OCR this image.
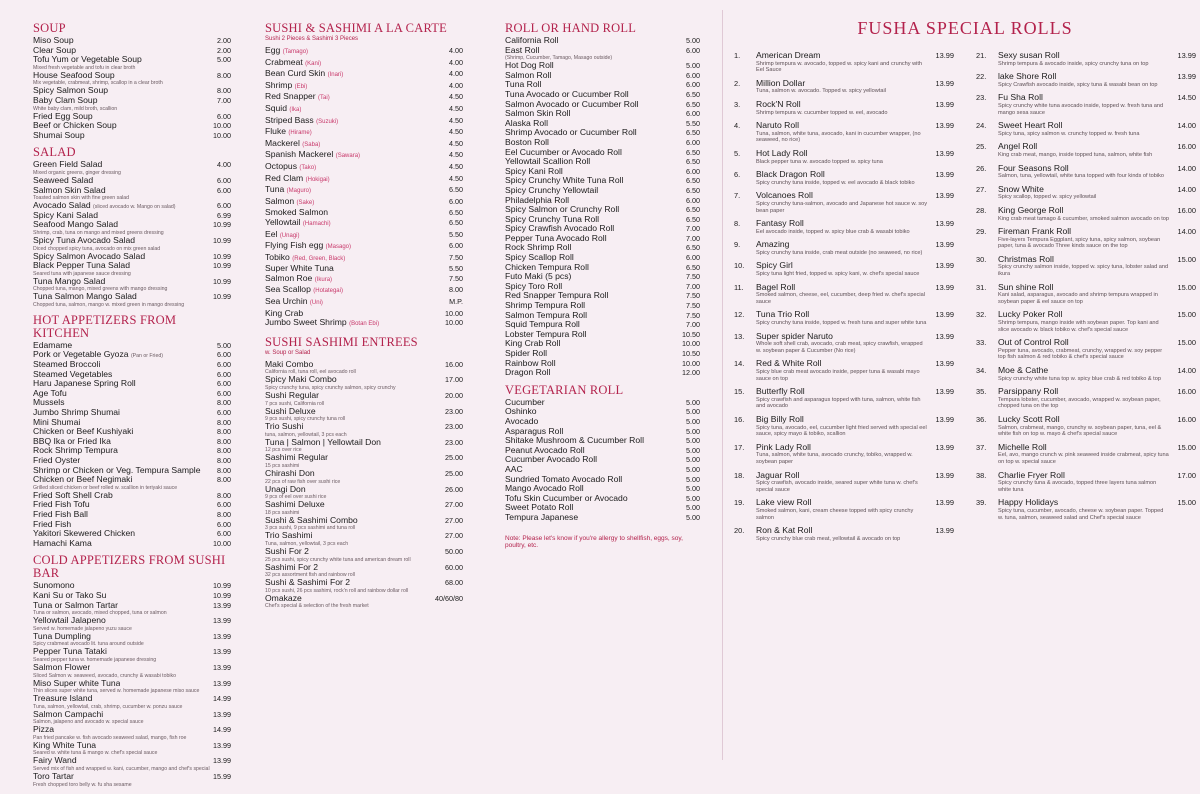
SOUP
Miso Soup	2.00
Clear Soup	2.00
Tofu Yum or Vegetable Soup	5.00
Mixed fresh vegetable and tofu in clear broth
House Seafood Soup	8.00
Mix vegetable, crabmeat, shrimp, scallop in a clear broth
Spicy Salmon Soup	8.00
Baby Clam Soup	7.00
White baby clam, mild broth, scallion
Fried Egg Soup	6.00
Beef or Chicken Soup	10.00
Shumai Soup	10.00
SALAD
Green Field Salad	4.00
Mixed organic greens, ginger dressing
Seaweed Salad	6.00
Salmon Skin Salad	6.00
Toasted salmon skin with fine green salad
Avocado Salad (sliced avocado w. Mango on salad)	6.00
Spicy Kani Salad	6.99
Seafood Mango Salad	10.99
Shrimp, crab, tuna on mango and mixed greens dressing
Spicy Tuna Avocado Salad	10.99
Diced chopped spicy tuna, avocado on mix green salad
Spicy Salmon Avocado Salad	10.99
Black Pepper Tuna Salad	10.99
Seared tuna with japanese sauce dressing
Tuna Mango Salad	10.99
Chopped tuna, mango, mixed greens with mango dressing
Tuna Salmon Mango Salad	10.99
Chopped tuna, salmon, mango w. mixed green in mango dressing
HOT APPETIZERS FROM KITCHEN
Edamame	5.00
Pork or Vegetable Gyoza (Pan or Fried)	6.00
Steamed Broccoli	6.00
Steamed Vegetables	6.00
Haru Japanese Spring Roll	6.00
Age Tofu	6.00
Mussels	8.00
Jumbo Shrimp Shumai	6.00
Mini Shumai	8.00
Chicken or Beef Kushiyaki	8.00
BBQ Ika or Fried Ika	8.00
Rock Shrimp Tempura	8.00
Fried Oyster	8.00
Shrimp or Chicken or Veg. Tempura Sample 8.00
Chicken or Beef Negimaki	8.00
Grilled sliced chicken or beef rolled w. scallion in teriyaki sauce
Fried Soft Shell Crab	8.00
Fried Fish Tofu	6.00
Fried Fish Ball	8.00
Fried Fish	6.00
Yakitori Skewered Chicken	6.00
Hamachi Kama	10.00
COLD APPETIZERS FROM SUSHI BAR
Sunomono	10.99
Kani Su or Tako Su	10.99
Tuna or Salmon Tartar	13.99
Tuna or salmon, avocado, mixed chopped, tuna or salmon
Yellowtail Jalapeno	13.99
Served w. homemade jalapeno yuzu sauce
Tuna Dumpling	13.99
Spicy crabmeat avocado lit. tuna around outside
Pepper Tuna Tataki	13.99
Seared pepper tuna w. homemade japanese dressing
Salmon Flower	13.99
Sliced Salmon w. seaweed, avocado, crunchy & wasabi tobiko
Miso Super white Tuna	13.99
Thin slices super white tuna, served w. homemade japanese miso sauce
Treasure Island	14.99
Tuna, salmon, yellowtail, crab, shrimp, cucumber w. ponzu sauce
Salmon Campachi	13.99
Salmon, jalapeno and avocado w. special sauce
Pizza	14.99
Pan fried pancake w. fish avocado seaweed salad, mango, fish roe
King White Tuna	13.99
Seared w. white tuna & mango w. chef's special sauce
Fairy Wand	13.99
Served mix of fish and wrapped w. kani, cucumber, mango and chef's special
Toro Tartar	15.99
Fresh chopped toro belly w. fu sha sesame
SUSHI & SASHIMI A LA CARTE
Sushi 2 Pieces & Sashimi 3 Pieces
Egg (Tamago)	4.00
Crabmeat (Kani)	4.00
Bean Curd Skin (Inari)	4.00
Shrimp (Ebi)	4.00
Red Snapper (Tai)	4.50
Squid (Ika)	4.50
Striped Bass (Suzuki)	4.50
Fluke (Hirame)	4.50
Mackerel (Saba)	4.50
Spanish Mackerel (Sawara)	4.50
Octopus (Tako)	4.50
Red Clam (Hokigai)	4.50
Tuna (Maguro)	6.50
Salmon (Sake)	6.00
Smoked Salmon	6.50
Yellowtail (Hamachi)	6.50
Eel (Unagi)	5.50
Flying Fish egg (Masago)	6.00
Tobiko (Red, Green, Black)	7.50
Super White Tuna	5.50
Salmon Roe (Ikura)	7.50
Sea Scallop (Hotategai)	8.00
Sea Urchin (Uni)	M.P.
King Crab	10.00
Jumbo Sweet Shrimp (Botan Ebi)	10.00
SUSHI SASHIMI ENTREES
w. Soup or Salad
Maki Combo	16.00
California roll, tuna roll, eel avocado roll
Spicy Maki Combo	17.00
Spicy crunchy tuna, spicy crunchy salmon, spicy crunchy
Sushi Regular	20.00
7 pcs sushi, California roll
Sushi Deluxe	23.00
9 pcs sushi, spicy crunchy tuna roll
Trio Sushi	23.00
tuna, salmon, yellowtail, 3 pcs each
Tuna | Salmon | Yellowtail Don	23.00
12 pcs over rice
Sashimi Regular	25.00
15 pcs sashimi
Chirashi Don	25.00
22 pcs of raw fish over sushi rice
Unagi Don	26.00
9 pcs of eel over sushi rice
Sashimi Deluxe	27.00
18 pcs sashimi
Sushi & Sashimi Combo	27.00
3 pcs sushi, 9 pcs sashimi and tuna roll
Trio Sashimi	27.00
Tuna, salmon, yellowtail, 3 pcs each
Sushi For 2	50.00
25 pcs sushi, spicy crunchy white tuna and american dream roll
Sashimi For 2	60.00
32 pcs assortment fish and rainbow roll
Sushi & Sashimi For 2	68.00
10 pcs sushi, 26 pcs sashimi, rock'n roll and rainbow dollar roll
Omakaze	40/60/80
Chef's special & selection of the fresh market
ROLL OR HAND ROLL
California Roll	5.00
East Roll	6.00
(Shrimp, Cucumber, Tamago, Masago outside)
Hot Dog Roll	5.00
Salmon Roll	6.00
Tuna Roll	6.00
Tuna Avocado or Cucumber Roll	6.50
Salmon Avocado or Cucumber Roll	6.50
Salmon Skin Roll	6.00
Alaska Roll	5.50
Shrimp Avocado or Cucumber Roll	6.50
Boston Roll	6.00
Eel Cucumber or Avocado Roll	6.50
Yellowtail Scallion Roll	6.50
Spicy Kani Roll	6.00
Spicy Crunchy White Tuna Roll	6.50
Spicy Crunchy Yellowtail	6.50
Philadelphia Roll	6.00
Spicy Salmon or Crunchy Roll	6.50
Spicy Crunchy Tuna Roll	6.50
Spicy Crawfish Avocado Roll	7.00
Pepper Tuna Avocado Roll	7.00
Rock Shrimp Roll	6.50
Spicy Scallop Roll	6.00
Chicken Tempura Roll	6.50
Futo Maki (5 pcs)	7.50
Spicy Toro Roll	7.00
Red Snapper Tempura Roll	7.50
Shrimp Tempura Roll	7.50
Salmon Tempura Roll	7.50
Squid Tempura Roll	7.00
Lobster Tempura Roll	10.50
King Crab Roll	10.00
Spider Roll	10.50
Rainbow Roll	10.00
Dragon Roll	12.00
VEGETARIAN ROLL
Cucumber	5.00
Oshinko	5.00
Avocado	5.00
Asparagus Roll	5.00
Shitake Mushroom & Cucumber Roll	5.00
Peanut Avocado Roll	5.00
Cucumber Avocado Roll	5.00
AAC	5.00
Sundried Tomato Avocado Roll	5.00
Mango Avocado Roll	5.00
Tofu Skin Cucumber or Avocado	5.00
Sweet Potato Roll	5.00
Tempura Japanese	5.00
Note: Please let's know if you're allergy to shellfish, eggs, soy, poultry, etc.
FUSHA SPECIAL ROLLS
1.	American Dream	13.99
Shrimp tempura w. avocado, topped w. spicy kani and crunchy with Eel Sauce
2.	Million Dollar	13.99
Tuna, salmon w. avocado. Topped w. spicy yellowtail
3.	Rock'N Roll	13.99
Shrimp tempura w. cucumber topped w. eel, avocado
4.	Naruto Roll	13.99
Tuna, salmon, white tuna, avocado, kani in cucumber wrapper, (no seaweed, no rice)
5.	Hot Lady Roll	13.99
Black pepper tuna w. avocado topped w. spicy tuna
6.	Black Dragon Roll	13.99
Spicy crunchy tuna inside, topped w. eel avocado & black tobiko
7.	Volcanoes Roll	13.99
Spicy crunchy tuna-salmon, avocado and Japanese hot sauce w. soy bean paper
8.	Fantasy Roll	13.99
Eel avocado inside, topped w. spicy blue crab & wasabi tobiko
9.	Amazing	13.99
Spicy crunchy tuna inside, crab meat outside (no seaweed, no rice)
10.	Spicy Girl	13.99
Spicy tuna light fried, topped w. spicy kani, w. chef's special sauce
11.	Bagel Roll	13.99
Smoked salmon, cheese, eel, cucumber, deep fried w. chef's special sauce
12.	Tuna Trio Roll	13.99
Spicy crunchy tuna inside, topped w. fresh tuna and super white tuna
13.	Super spider Naruto	13.99
Whole soft shell crab, avocado, crab meat, spicy crawfish, wrapped w. soybean paper & Cucumber (No rice)
14.	Red & White Roll	13.99
Spicy blue crab meat avocado inside, pepper tuna & wasabi mayo sauce on top
15.	Butterfly Roll	13.99
Spicy crawfish and asparagus topped with tuna, salmon, white fish and avocado
16.	Big Billy Roll	13.99
Spicy tuna, avocado, eel, cucumber light fried served with special eel sauce, spicy mayo & tobiko, scallion
17.	Pink Lady Roll	13.99
Tuna, salmon, white tuna, avocado crunchy, tobiko, wrapped w. soybean paper
18.	Jaguar Roll	13.99
Spicy crawfish, avocado inside, seared super white tuna w. chef's special sauce
19.	Lake view Roll	13.99
Smoked salmon, kani, cream cheese topped with spicy crunchy salmon
20.	Ron & Kat Roll	13.99
Spicy crunchy blue crab meat, yellowtail & avocado on top
21.	Sexy susan Roll	13.99
Shrimp tempura & avocado inside, spicy crunchy tuna on top
22.	lake Shore Roll	13.99
Spicy Crawfish avocado inside, spicy tuna & wasabi bean on top
23.	Fu Sha Roll	14.50
Spicy crunchy white tuna avocado inside, topped w. fresh tuna and mango sesa sauce
24.	Sweet Heart Roll	14.00
Spicy tuna, spicy salmon w. crunchy topped w. fresh tuna
25.	Angel Roll	16.00
King crab meat, mango, inside topped tuna, salmon, white fish
26.	Four Seasons Roll	14.00
Salmon, tuna, yellowtail, white tuna topped with four kinds of tobiko
27.	Snow White	14.00
Spicy scallop, topped w. spicy yellowtail
28.	King George Roll	16.00
King crab meat tamago & cucumber, smoked salmon avocado on top
29.	Fireman Frank Roll	14.00
Five-layers Tempura Eggplant, spicy tuna, spicy salmon, soybean paper, tuna & avocado Three kinds sauce on the top
30.	Christmas Roll	15.00
Spicy crunchy salmon inside, topped w. spicy tuna, lobster salad and ikura
31.	Sun shine Roll	15.00
Kani salad, asparagus, avocado and shrimp tempura wrapped in soybean paper & eel sauce on top
32.	Lucky Poker Roll	15.00
Shrimp tempura, mango inside with soybean paper. Top kani and slice avocado w. black tobiko w. chef's special sauce
33.	Out of Control Roll	15.00
Pepper tuna, avocado, crabmeat, crunchy, wrapped w. soy pepper top fish salmon & red tobiko & chef's special sauce
34.	Moe & Cathe	14.00
Spicy crunchy white tuna top w. spicy blue crab & red tobiko & top
35.	Parsippany Roll	16.00
Tempura lobster, cucumber, avocado, wrapped w. soybean paper, chopped tuna on the top
36.	Lucky Scott Roll	16.00
Salmon, crabmeat, mango, crunchy w. soybean paper, tuna, eel & white fish on top w. mayo & chef's special sauce
37.	Michelle Roll	15.00
Eel, avo, mango crunch w. pink seaweed inside crabmeat, spicy tuna on top w. special sauce
38.	Charlie Fryer Roll	17.00
Spicy crunchy tuna & avocado, topped three layers tuna salmon white tuna
39.	Happy Holidays	15.00
Spicy tuna, cucumber, avocado, cheese w. soybean paper. Topped w. tuna, salmon, seaweed salad and Chef's special sauce
